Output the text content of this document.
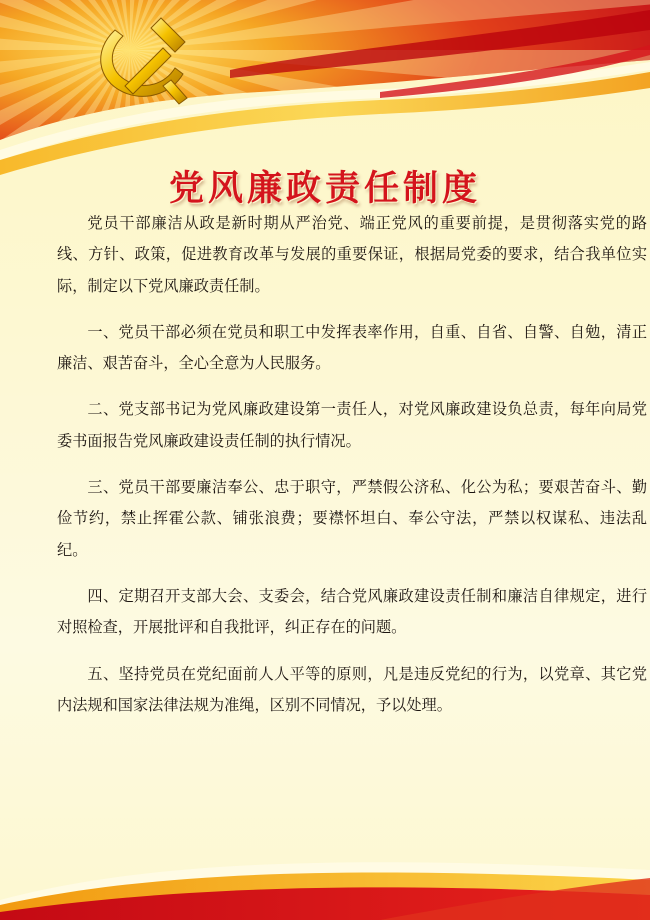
党风廉政责任制度

党员干部廉洁从政是新时期从严治党、端正党风的重要前提，是贯彻落实党的路线、方针、政策，促进教育改革与发展的重要保证，根据局党委的要求，结合我单位实际，制定以下党风廉政责任制。

一、党员干部必须在党员和职工中发挥表率作用，自重、自省、自警、自勉，清正廉洁、艰苦奋斗，全心全意为人民服务。

二、党支部书记为党风廉政建设第一责任人，对党风廉政建设负总责，每年向局党委书面报告党风廉政建设责任制的执行情况。

三、党员干部要廉洁奉公、忠于职守，严禁假公济私、化公为私；要艰苦奋斗、勤俭节约，禁止挥霍公款、铺张浪费；要襟怀坦白、奉公守法，严禁以权谋私、违法乱纪。

四、定期召开支部大会、支委会，结合党风廉政建设责任制和廉洁自律规定，进行对照检查，开展批评和自我批评，纠正存在的问题。

五、坚持党员在党纪面前人人平等的原则，凡是违反党纪的行为，以党章、其它党内法规和国家法律法规为准绳，区别不同情况，予以处理。
